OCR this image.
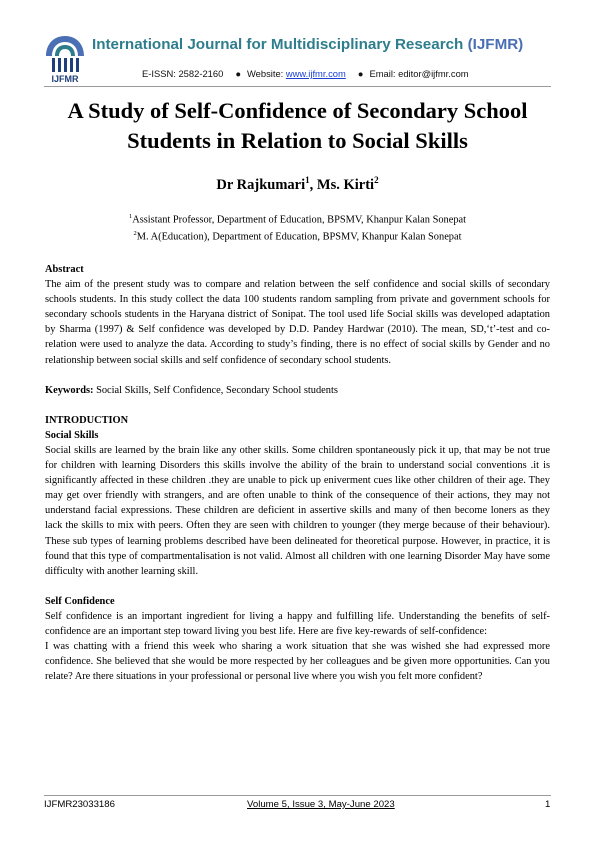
IJFMR
International Journal for Multidisciplinary Research (IJFMR)
E-ISSN: 2582-2160 ● Website: www.ijfmr.com ● Email: editor@ijfmr.com
A Study of Self-Confidence of Secondary School
Students in Relation to Social Skills
Dr Rajkumari$^1$, Ms. Kirti$^2$
$^1$Assistant Professor, Department of Education, BPSMV, Khanpur Kalan Sonepat
$^2$M. A(Education), Department of Education, BPSMV, Khanpur Kalan Sonepat

Abstract

The aim of the present study was to compare and relation between the self confidence and social skills of secondary schools students. In this study collect the data 100 students random sampling from private and government schools for secondary schools students in the Haryana district of Sonipat. The tool used life Social skills was developed adaptation by Sharma (1997) & Self confidence was developed by D.D. Pandey Hardwar (2010). The mean, SD,‘t’-test and co-relation were used to analyze the data. According to study’s finding, there is no effect of social skills by Gender and no relationship between social skills and self confidence of secondary school students.

Keywords: Social Skills, Self Confidence, Secondary School students

INTRODUCTION

Social Skills

Social skills are learned by the brain like any other skills. Some children spontaneously pick it up, that may be not true for children with learning Disorders this skills involve the ability of the brain to understand social conventions .it is significantly affected in these children .they are unable to pick up eniverment cues like other children of their age. They may get over friendly with strangers, and are often unable to think of the consequence of their actions, they may not understand facial expressions. These children are deficient in assertive skills and many of then become loners as they lack the skills to mix with peers. Often they are seen with children to younger (they merge because of their behaviour). These sub types of learning problems described have been delineated for theoretical purpose. However, in practice, it is found that this type of compartmentalisation is not valid. Almost all children with one learning Disorder May have some difficulty with another learning skill.

Self Confidence

Self confidence is an important ingredient for living a happy and fulfilling life. Understanding the benefits of self-confidence are an important step toward living you best life. Here are five key-rewards of self-confidence:

I was chatting with a friend this week who sharing a work situation that she was wished she had expressed more confidence. She believed that she would be more respected by her colleagues and be given more opportunities. Can you relate? Are there situations in your professional or personal live where you wish you felt more confident?

IJFMR23033186	Volume 5, Issue 3, May-June 2023	1
